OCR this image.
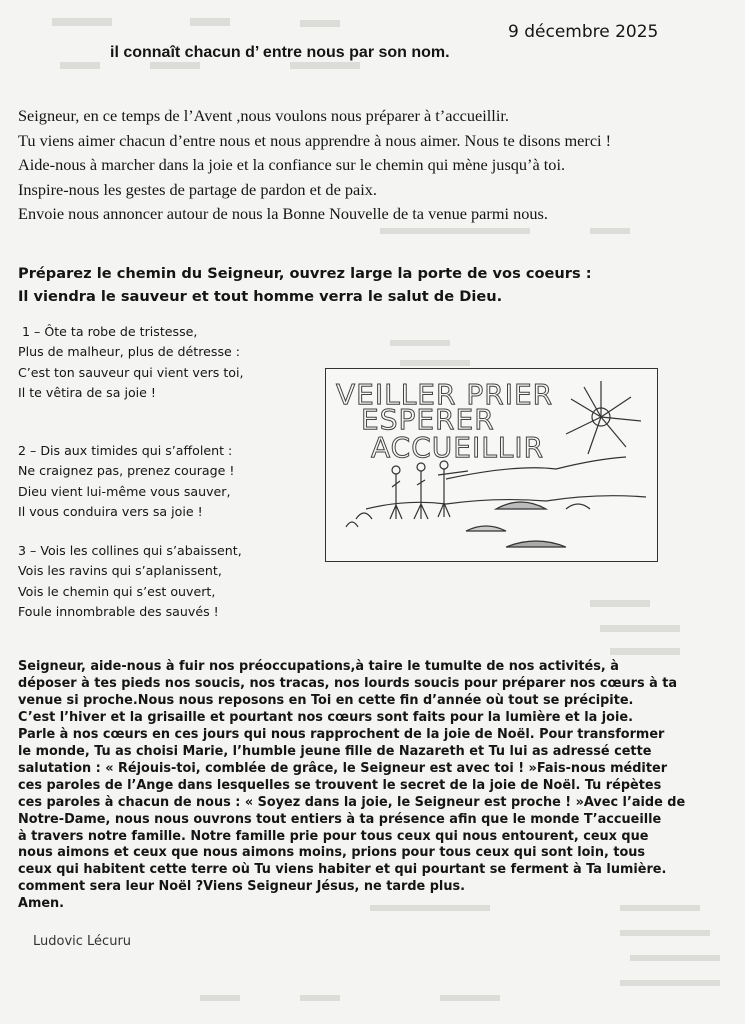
9 décembre 2025
il connaît chacun d’ entre nous par son nom.
Seigneur, en ce temps de l’Avent ,nous voulons nous préparer à t’accueillir.
Tu viens aimer chacun d’entre nous et nous apprendre à nous aimer. Nous te disons merci !
Aide-nous à marcher dans la joie et la confiance sur le chemin qui mène jusqu’à toi.
Inspire-nous les gestes de partage de pardon et de paix.
Envoie nous annoncer autour de nous la Bonne Nouvelle de ta venue parmi nous.
Préparez le chemin du Seigneur, ouvrez large la porte de vos coeurs :
Il viendra le sauveur et tout homme verra le salut de Dieu.
1 – Ôte ta robe de tristesse,
Plus de malheur, plus de détresse :
C’est ton sauveur qui vient vers toi,
Il te vêtira de sa joie !
2 – Dis aux timides qui s’affolent :
Ne craignez pas, prenez courage !
Dieu vient lui-même vous sauver,
Il vous conduira vers sa joie !
3 – Vois les collines qui s’abaissent,
Vois les ravins qui s’aplanissent,
Vois le chemin qui s’est ouvert,
Foule innombrable des sauvés !
VEILLER PRIER
ESPERER
ACCUEILLIR
Seigneur, aide-nous à fuir nos préoccupations,à taire le tumulte de nos activités, à
déposer à tes pieds nos soucis, nos tracas, nos lourds soucis pour préparer nos cœurs à ta
venue si proche.Nous nous reposons en Toi en cette fin d’année où tout se précipite.
C’est l’hiver et la grisaille et pourtant nos cœurs sont faits pour la lumière et la joie.
Parle à nos cœurs en ces jours qui nous rapprochent de la joie de Noël. Pour transformer
le monde, Tu as choisi Marie, l’humble jeune fille de Nazareth et Tu lui as adressé cette
salutation : « Réjouis-toi, comblée de grâce, le Seigneur est avec toi ! »Fais-nous méditer
ces paroles de l’Ange dans lesquelles se trouvent le secret de la joie de Noël. Tu répètes
ces paroles à chacun de nous : « Soyez dans la joie, le Seigneur est proche ! »Avec l’aide de
Notre-Dame, nous nous ouvrons tout entiers à ta présence afin que le monde T’accueille
à travers notre famille. Notre famille prie pour tous ceux qui nous entourent, ceux que
nous aimons et ceux que nous aimons moins, prions pour tous ceux qui sont loin, tous
ceux qui habitent cette terre où Tu viens habiter et qui pourtant se ferment à Ta lumière.
comment sera leur Noël ?Viens Seigneur Jésus, ne tarde plus.
Amen.
Ludovic Lécuru
